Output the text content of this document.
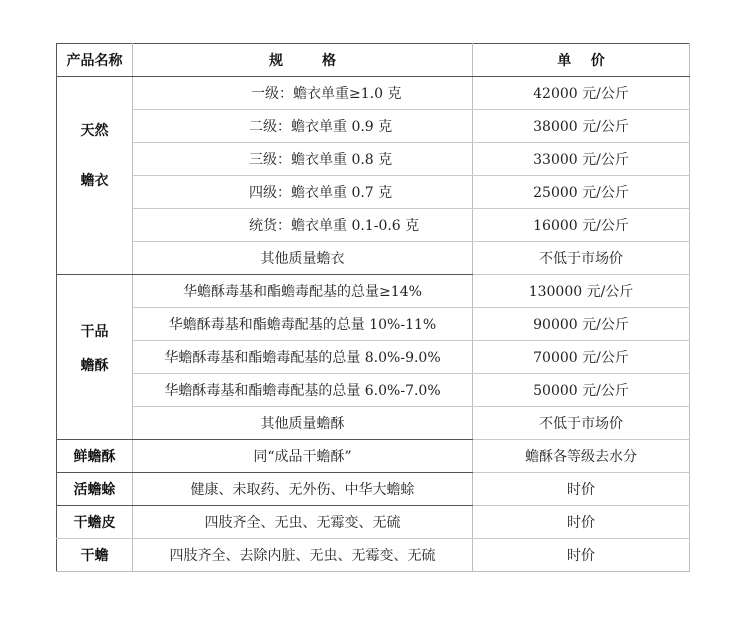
产品名称	规        格	单    价

天然
蟾衣	一级：蟾衣单重≥1.0 克	42000 元/公斤
	二级：蟾衣单重 0.9 克	38000 元/公斤
	三级：蟾衣单重 0.8 克	33000 元/公斤
	四级：蟾衣单重 0.7 克	25000 元/公斤
	统货：蟾衣单重 0.1-0.6 克	16000 元/公斤
	其他质量蟾衣	不低于市场价

干品
蟾酥	华蟾酥毒基和酯蟾毒配基的总量≥14%	130000 元/公斤
	华蟾酥毒基和酯蟾毒配基的总量 10%-11%	90000 元/公斤
	华蟾酥毒基和酯蟾毒配基的总量 8.0%-9.0%	70000 元/公斤
	华蟾酥毒基和酯蟾毒配基的总量 6.0%-7.0%	50000 元/公斤
	其他质量蟾酥	不低于市场价
鲜蟾酥	同“成品干蟾酥”	蟾酥各等级去水分
活蟾蜍	健康、未取药、无外伤、中华大蟾蜍	时价
干蟾皮	四肢齐全、无虫、无霉变、无硫	时价
干蟾	四肢齐全、去除内脏、无虫、无霉变、无硫	时价
